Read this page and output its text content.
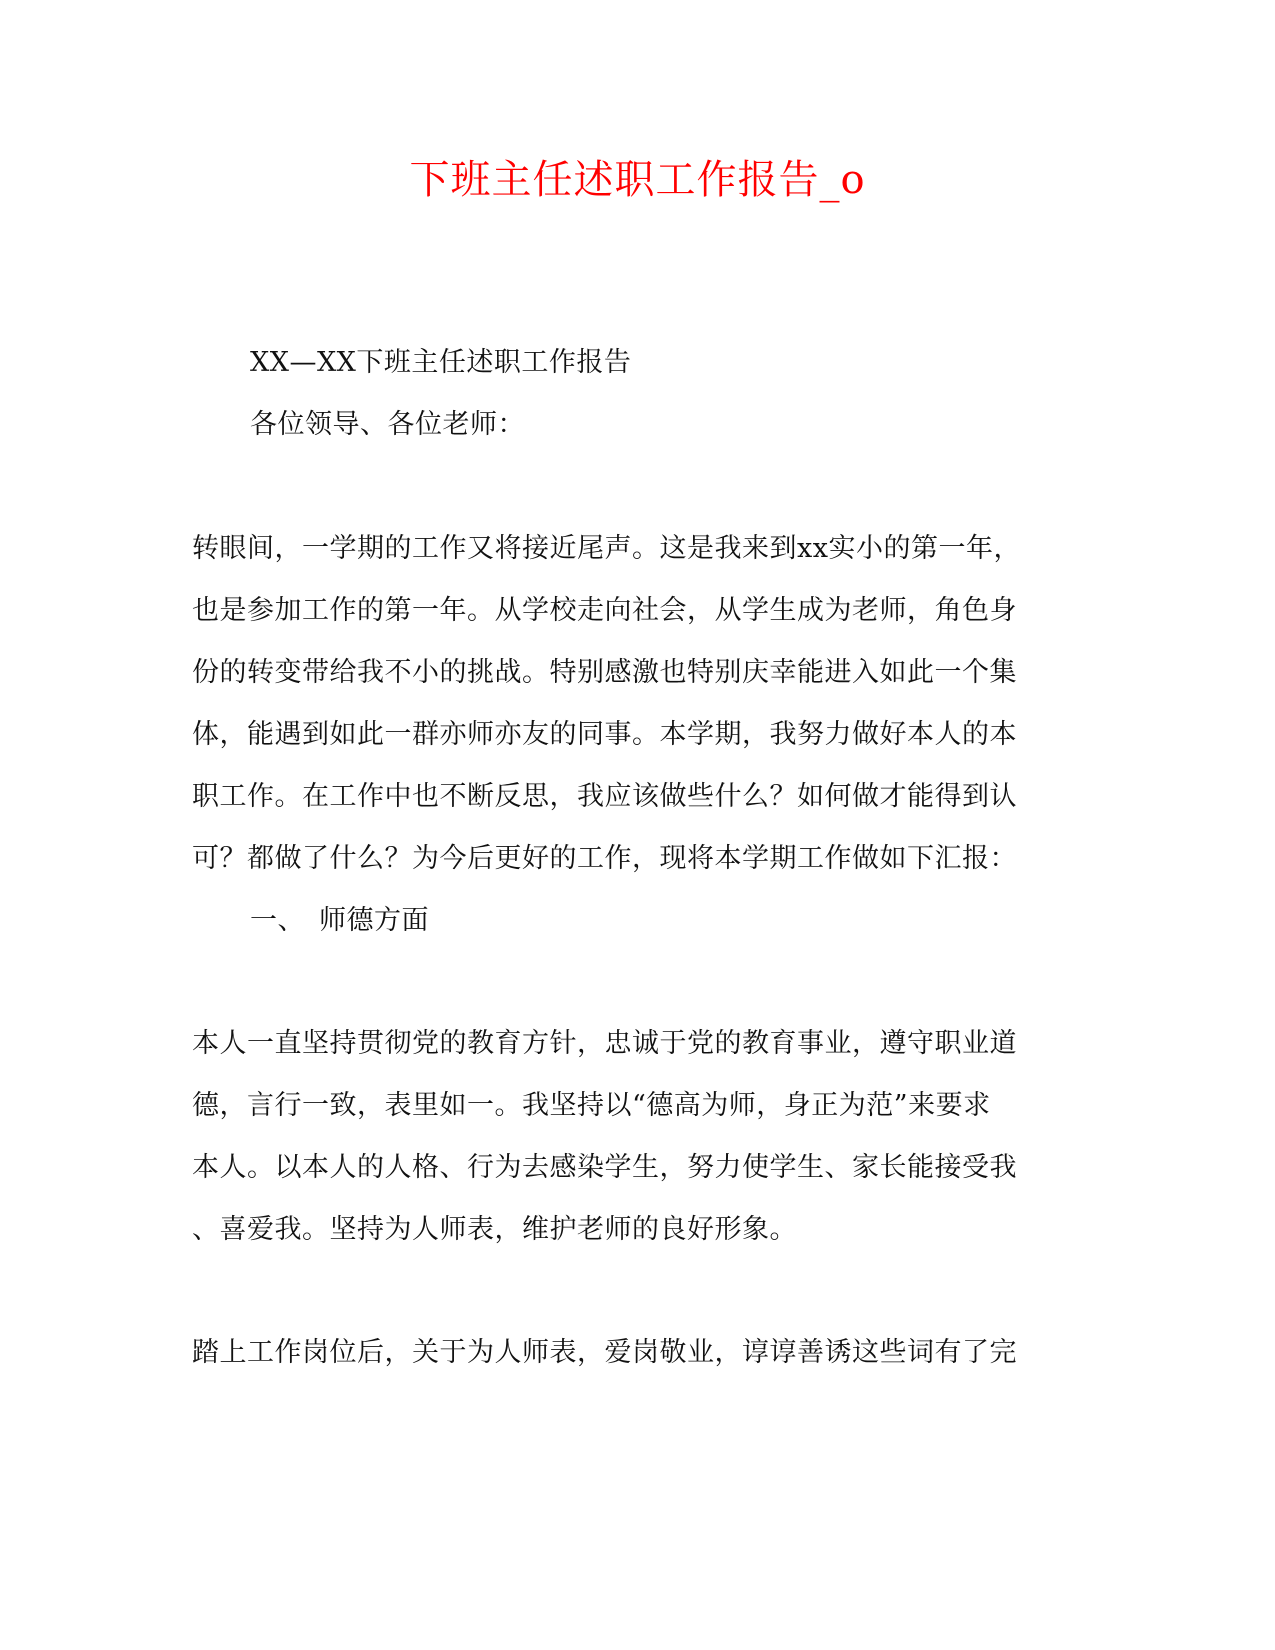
下班主任述职工作报告_o
XX—XX下班主任述职工作报告
各位领导、各位老师：
转眼间，一学期的工作又将接近尾声。这是我来到xx实小的第一年，
也是参加工作的第一年。从学校走向社会，从学生成为老师，角色身
份的转变带给我不小的挑战。特别感激也特别庆幸能进入如此一个集
体，能遇到如此一群亦师亦友的同事。本学期，我努力做好本人的本
职工作。在工作中也不断反思，我应该做些什么？如何做才能得到认
可？都做了什么？为今后更好的工作，现将本学期工作做如下汇报：
一、　师德方面
本人一直坚持贯彻党的教育方针，忠诚于党的教育事业，遵守职业道
德，言行一致，表里如一。我坚持以“德高为师，身正为范”来要求
本人。以本人的人格、行为去感染学生，努力使学生、家长能接受我
、喜爱我。坚持为人师表，维护老师的良好形象。
踏上工作岗位后，关于为人师表，爱岗敬业，谆谆善诱这些词有了完
